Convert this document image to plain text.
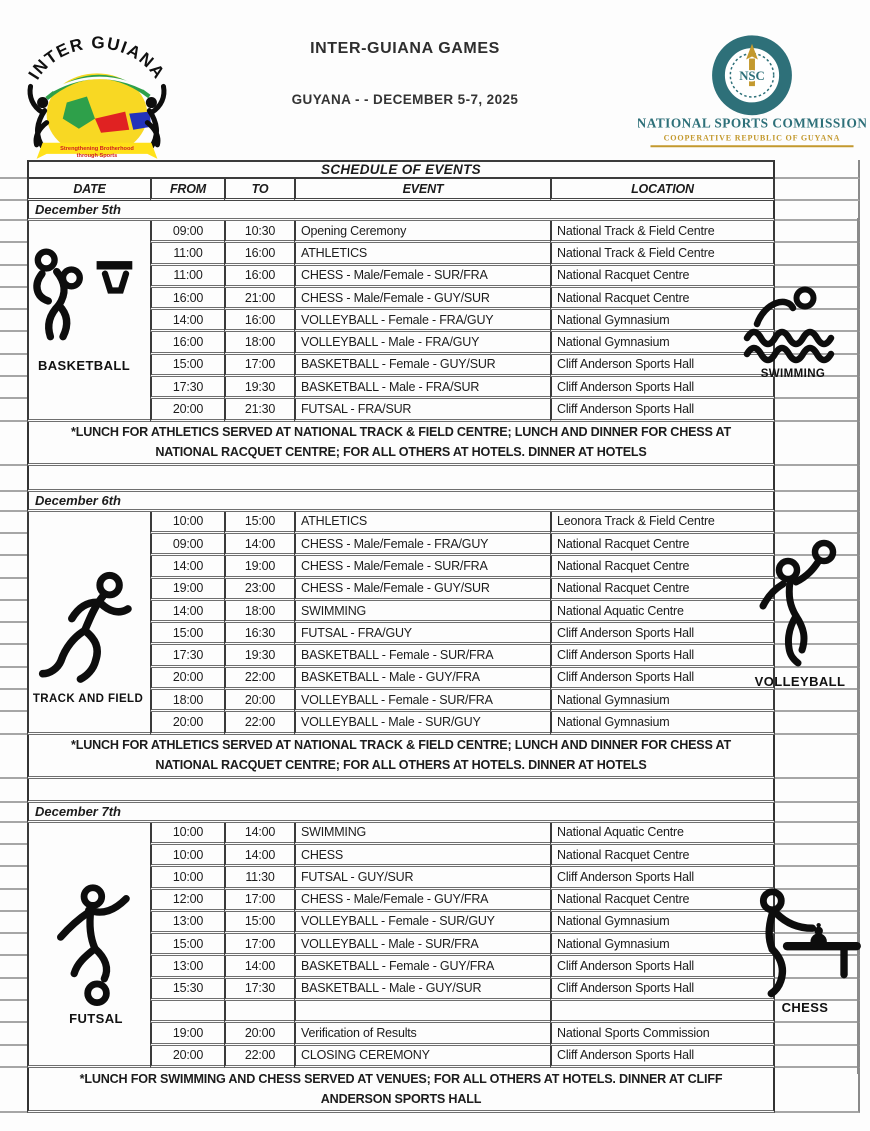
INTER GUIANA
Strengthening Brotherhood
through Sports
INTER-GUIANA GAMES
GUYANA - - DECEMBER 5-7, 2025
NSC
NATIONAL SPORTS COMMISSION
COOPERATIVE REPUBLIC OF GUYANA
SCHEDULE OF EVENTS
DATE	FROM	TO	EVENT	LOCATION
December 5th
09:00	10:30	Opening Ceremony	National Track & Field Centre
11:00	16:00	ATHLETICS	National Track & Field Centre
11:00	16:00	CHESS - Male/Female - SUR/FRA	National Racquet Centre
16:00	21:00	CHESS - Male/Female - GUY/SUR	National Racquet Centre
14:00	16:00	VOLLEYBALL - Female - FRA/GUY	National Gymnasium
16:00	18:00	VOLLEYBALL - Male - FRA/GUY	National Gymnasium
15:00	17:00	BASKETBALL - Female - GUY/SUR	Cliff Anderson Sports Hall
17:30	19:30	BASKETBALL - Male - FRA/SUR	Cliff Anderson Sports Hall
20:00	21:30	FUTSAL - FRA/SUR	Cliff Anderson Sports Hall
*LUNCH FOR ATHLETICS SERVED AT NATIONAL TRACK & FIELD CENTRE; LUNCH AND DINNER FOR CHESS AT
NATIONAL RACQUET CENTRE; FOR ALL OTHERS AT HOTELS. DINNER AT HOTELS
December 6th
10:00	15:00	ATHLETICS	Leonora Track & Field Centre
09:00	14:00	CHESS - Male/Female - FRA/GUY	National Racquet Centre
14:00	19:00	CHESS - Male/Female - SUR/FRA	National Racquet Centre
19:00	23:00	CHESS - Male/Female - GUY/SUR	National Racquet Centre
14:00	18:00	SWIMMING	National Aquatic Centre
15:00	16:30	FUTSAL - FRA/GUY	Cliff Anderson Sports Hall
17:30	19:30	BASKETBALL - Female - SUR/FRA	Cliff Anderson Sports Hall
20:00	22:00	BASKETBALL - Male - GUY/FRA	Cliff Anderson Sports Hall
18:00	20:00	VOLLEYBALL - Female - SUR/FRA	National Gymnasium
20:00	22:00	VOLLEYBALL - Male - SUR/GUY	National Gymnasium
*LUNCH FOR ATHLETICS SERVED AT NATIONAL TRACK & FIELD CENTRE; LUNCH AND DINNER FOR CHESS AT
NATIONAL RACQUET CENTRE; FOR ALL OTHERS AT HOTELS. DINNER AT HOTELS
December 7th
10:00	14:00	SWIMMING	National Aquatic Centre
10:00	14:00	CHESS	National Racquet Centre
10:00	11:30	FUTSAL - GUY/SUR	Cliff Anderson Sports Hall
12:00	17:00	CHESS - Male/Female - GUY/FRA	National Racquet Centre
13:00	15:00	VOLLEYBALL - Female - SUR/GUY	National Gymnasium
15:00	17:00	VOLLEYBALL - Male - SUR/FRA	National Gymnasium
13:00	14:00	BASKETBALL - Female - GUY/FRA	Cliff Anderson Sports Hall
15:30	17:30	BASKETBALL - Male - GUY/SUR	Cliff Anderson Sports Hall
19:00	20:00	Verification of Results	National Sports Commission
20:00	22:00	CLOSING CEREMONY	Cliff Anderson Sports Hall
*LUNCH FOR SWIMMING AND CHESS SERVED AT VENUES; FOR ALL OTHERS AT HOTELS. DINNER AT CLIFF
ANDERSON SPORTS HALL
BASKETBALL
SWIMMING
TRACK AND FIELD
VOLLEYBALL
FUTSAL
♟
CHESS
